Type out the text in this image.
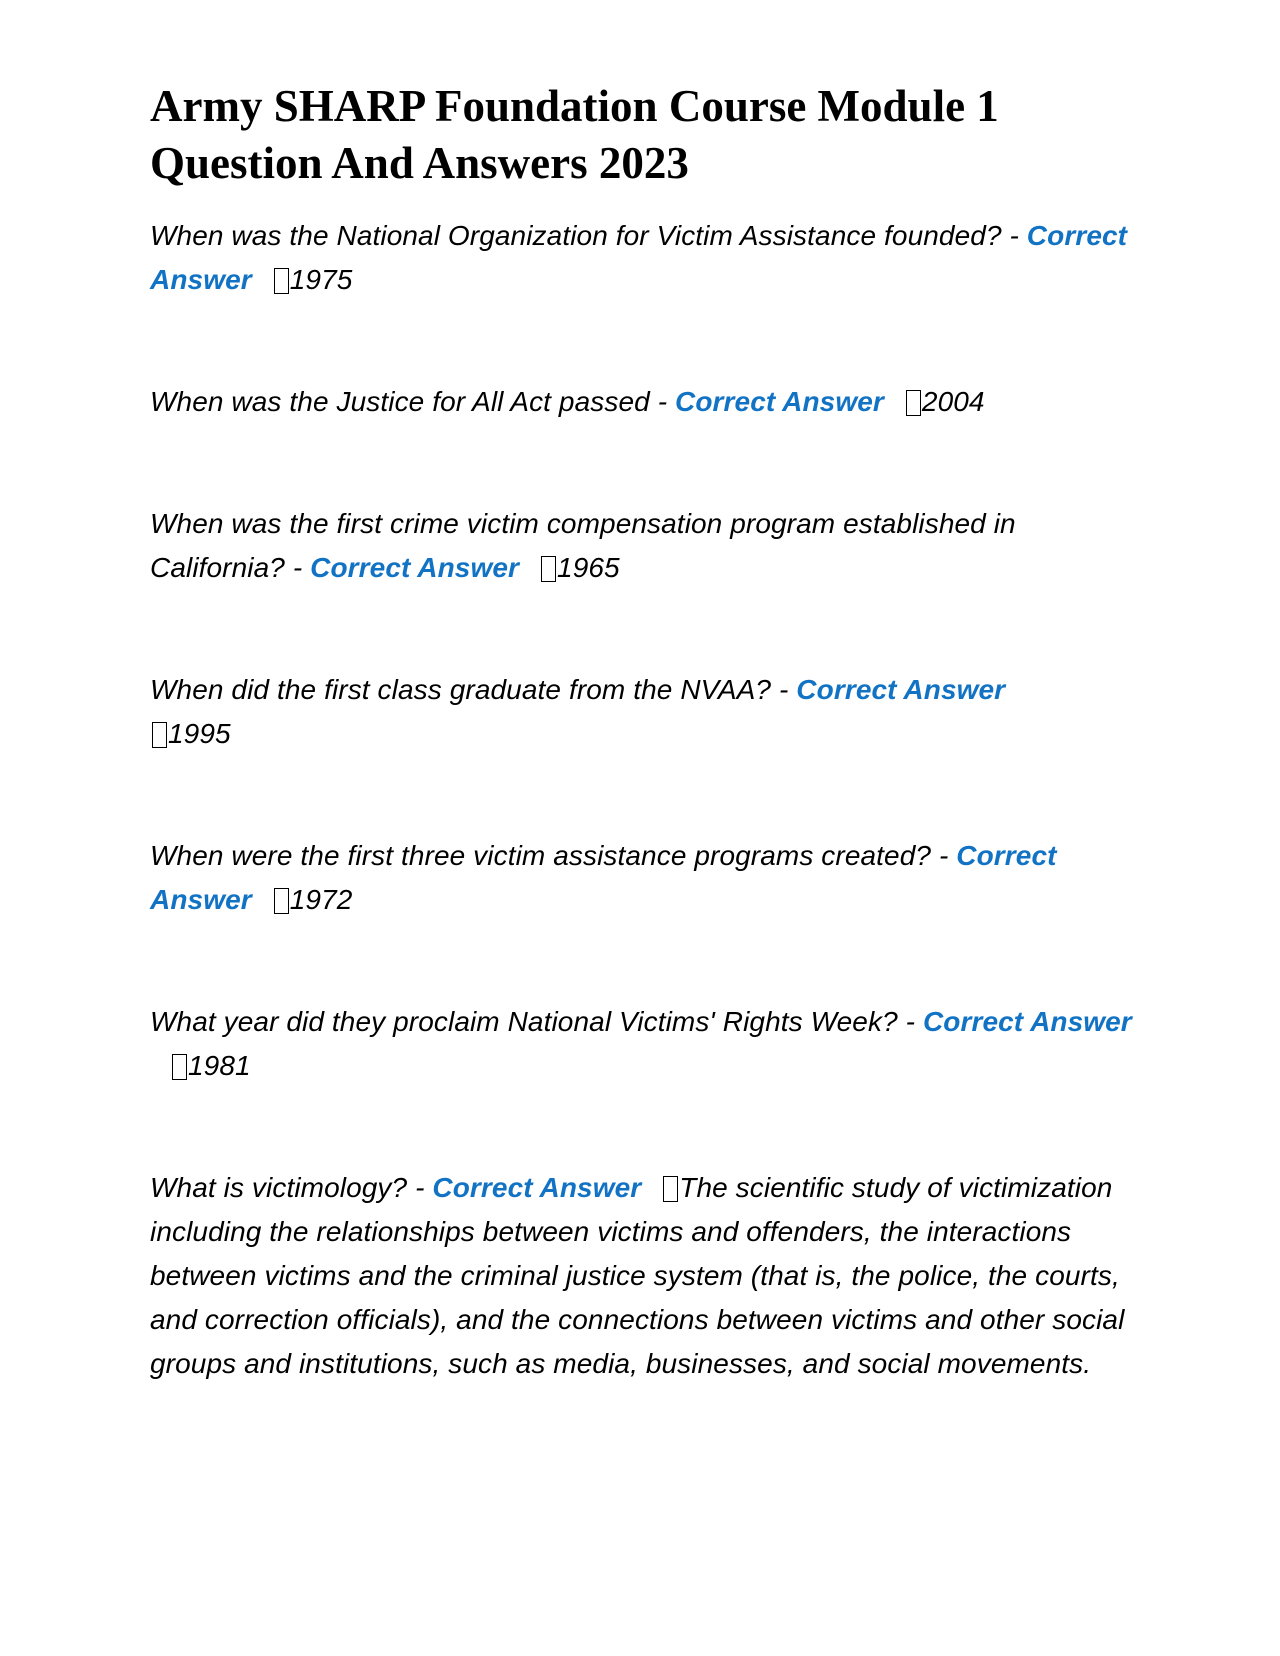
Army SHARP Foundation Course Module 1 Question And Answers 2023

When was the National Organization for Victim Assistance founded? - Correct Answer 1975

When was the Justice for All Act passed - Correct Answer 2004

When was the first crime victim compensation program established in California? - Correct Answer 1965

When did the first class graduate from the NVAA? - Correct Answer
1995

When were the first three victim assistance programs created? - Correct Answer 1972

What year did they proclaim National Victims' Rights Week? - Correct Answer1981

What is victimology? - Correct Answer The scientific study of victimization including the relationships between victims and offenders, the interactions between victims and the criminal justice system (that is, the police, the courts, and correction officials), and the connections between victims and other social groups and institutions, such as media, businesses, and social movements.
